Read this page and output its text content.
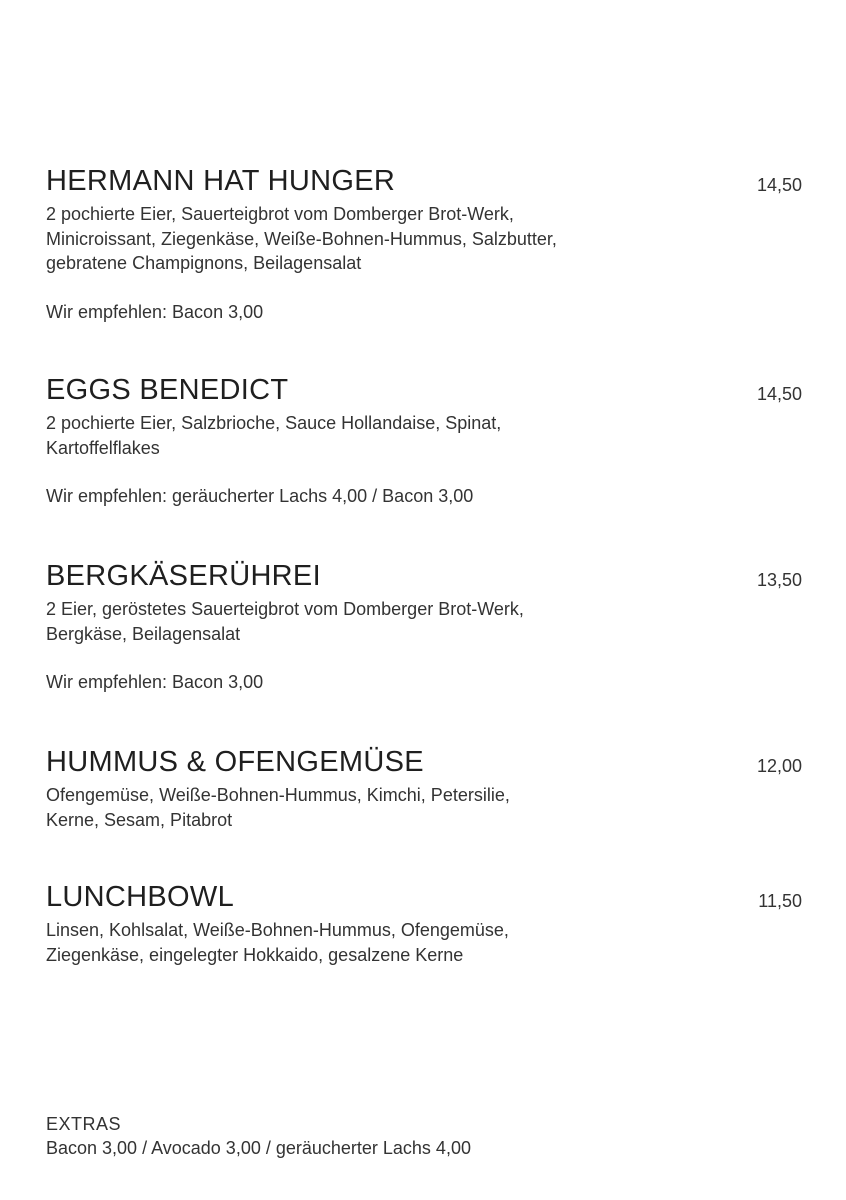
HERMANN HAT HUNGER	14,50
2 pochierte Eier, Sauerteigbrot vom Domberger Brot-Werk,
Minicroissant, Ziegenkäse, Weiße-Bohnen-Hummus, Salzbutter,
gebratene Champignons, Beilagensalat
Wir empfehlen: Bacon 3,00
EGGS BENEDICT	14,50
2 pochierte Eier, Salzbrioche, Sauce Hollandaise, Spinat,
Kartoffelflakes
Wir empfehlen: geräucherter Lachs 4,00 / Bacon 3,00
BERGKÄSERÜHREI	13,50
2 Eier, geröstetes Sauerteigbrot vom Domberger Brot-Werk,
Bergkäse, Beilagensalat
Wir empfehlen: Bacon 3,00
HUMMUS & OFENGEMÜSE	12,00
Ofengemüse, Weiße-Bohnen-Hummus, Kimchi, Petersilie,
Kerne, Sesam, Pitabrot
LUNCHBOWL	11,50
Linsen, Kohlsalat, Weiße-Bohnen-Hummus, Ofengemüse,
Ziegenkäse, eingelegter Hokkaido, gesalzene Kerne
EXTRAS
Bacon 3,00 / Avocado 3,00 / geräucherter Lachs 4,00
